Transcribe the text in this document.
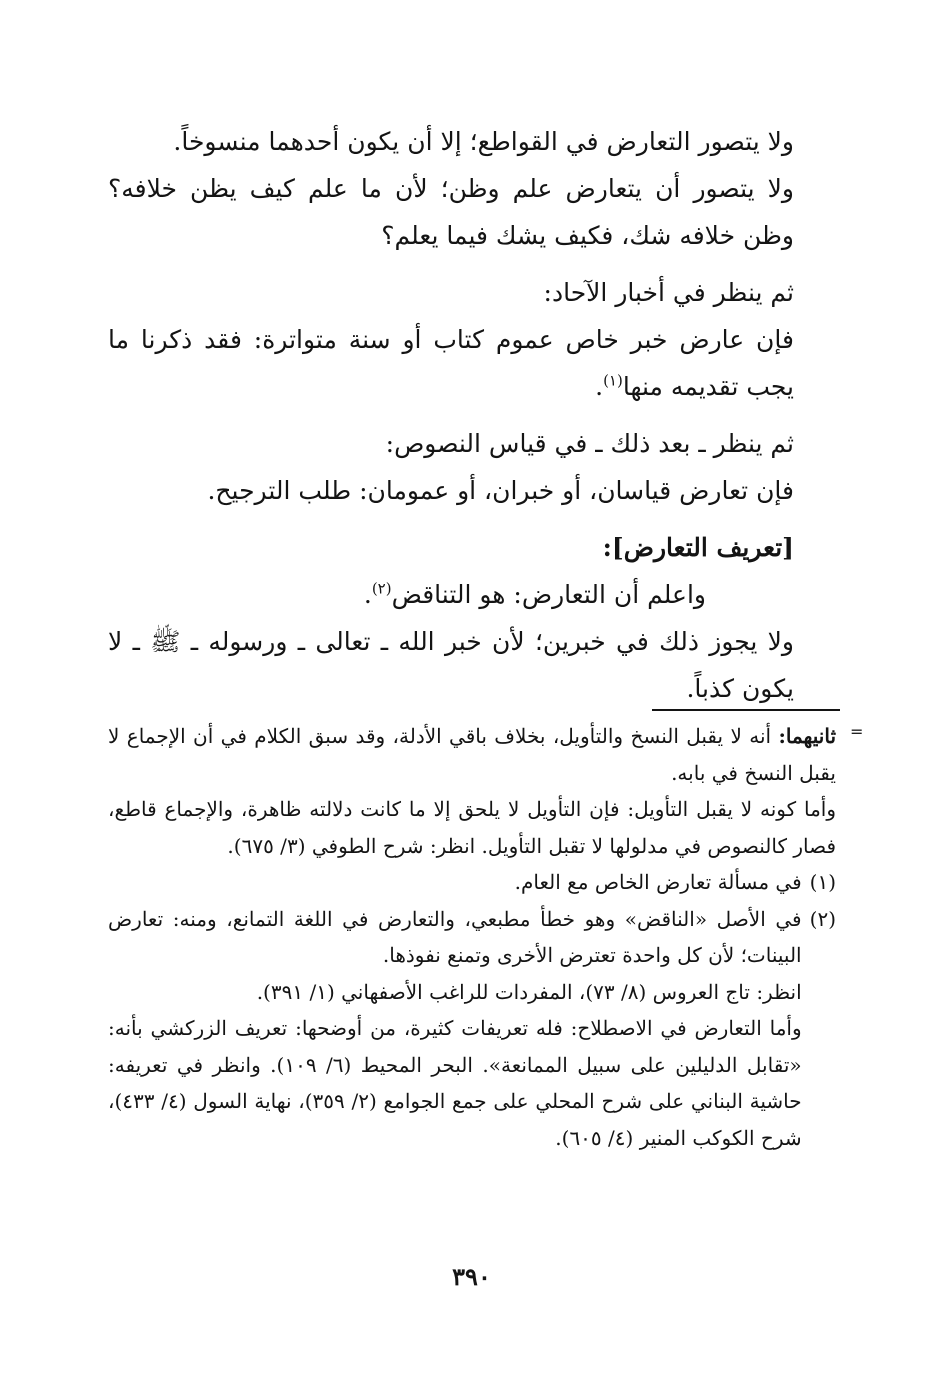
ولا يتصور التعارض في القواطع؛ إلا أن يكون أحدهما منسوخاً.

ولا يتصور أن يتعارض علم وظن؛ لأن ما علم كيف يظن خلافه؟ وظن خلافه شك، فكيف يشك فيما يعلم؟

ثم ينظر في أخبار الآحاد:

فإن عارض خبر خاص عموم كتاب أو سنة متواترة: فقد ذكرنا ما يجب تقديمه منها$^{(١)}$.

ثم ينظر ـ بعد ذلك ـ في قياس النصوص:

فإن تعارض قياسان، أو خبران، أو عمومان: طلب الترجيح.

[تعريف التعارض]:

واعلم أن التعارض: هو التناقض$^{(٢)}$.

ولا يجوز ذلك في خبرين؛ لأن خبر الله ـ تعالى ـ ورسوله ـ ﷺ ـ لا يكون كذباً.

=

ثانيهما: أنه لا يقبل النسخ والتأويل، بخلاف باقي الأدلة، وقد سبق الكلام في أن الإجماع لا يقبل النسخ في بابه.

وأما كونه لا يقبل التأويل: فإن التأويل لا يلحق إلا ما كانت دلالته ظاهرة، والإجماع قاطع، فصار كالنصوص في مدلولها لا تقبل التأويل. انظر: شرح الطوفي (٣/ ٦٧٥).

(١)
في مسألة تعارض الخاص مع العام.
(٢)

في الأصل «الناقض» وهو خطأ مطبعي، والتعارض في اللغة التمانع، ومنه: تعارض البينات؛ لأن كل واحدة تعترض الأخرى وتمنع نفوذها.

انظر: تاج العروس (٨/ ٧٣)، المفردات للراغب الأصفهاني (١/ ٣٩١).

وأما التعارض في الاصطلاح: فله تعريفات كثيرة، من أوضحها: تعريف الزركشي بأنه: «تقابل الدليلين على سبيل الممانعة». البحر المحيط (٦/ ١٠٩). وانظر في تعريفه: حاشية البناني على شرح المحلي على جمع الجوامع (٢/ ٣٥٩)، نهاية السول (٤/ ٤٣٣)، شرح الكوكب المنير (٤/ ٦٠٥).

٣٩٠
